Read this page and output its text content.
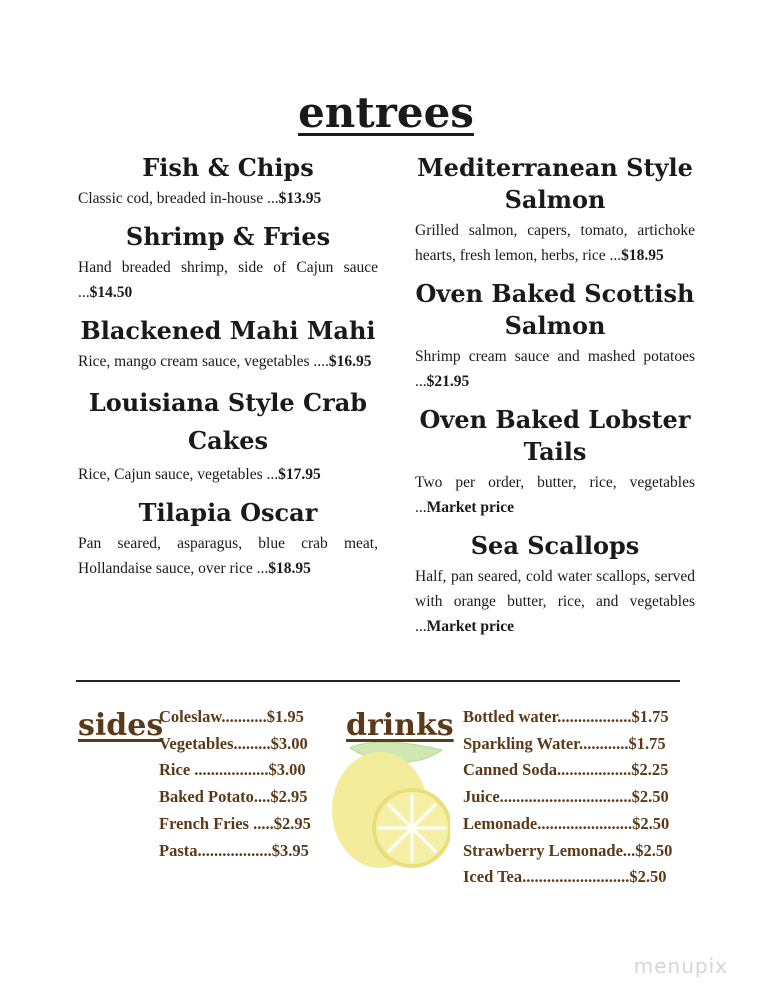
entrees
Fish & Chips
Classic cod, breaded in-house ...$13.95
Shrimp & Fries
Hand breaded shrimp, side of Cajun sauce ...$14.50
Blackened Mahi Mahi
Rice, mango cream sauce, vegetables ....$16.95
Louisiana Style Crab Cakes
Rice, Cajun sauce, vegetables ...$17.95
Tilapia Oscar
Pan seared, asparagus, blue crab meat, Hollandaise sauce, over rice ...$18.95
Mediterranean Style Salmon
Grilled salmon, capers, tomato, artichoke hearts, fresh lemon, herbs, rice ...$18.95
Oven Baked Scottish Salmon
Shrimp cream sauce and mashed potatoes ...$21.95
Oven Baked Lobster Tails
Two per order, butter, rice, vegetables ...Market price
Sea Scallops
Half, pan seared, cold water scallops, served with orange butter, rice, and vegetables ...Market price
sides
Coleslaw...........$1.95
Vegetables.........$3.00
Rice ..................$3.00
Baked Potato....$2.95
French Fries .....$2.95
Pasta..................$3.95
drinks Bottled water..................$1.75
Sparkling Water............$1.75
Canned Soda..................$2.25
Juice................................$2.50
Lemonade.......................$2.50
Strawberry Lemonade...$2.50
Iced Tea..........................$2.50
menupix
